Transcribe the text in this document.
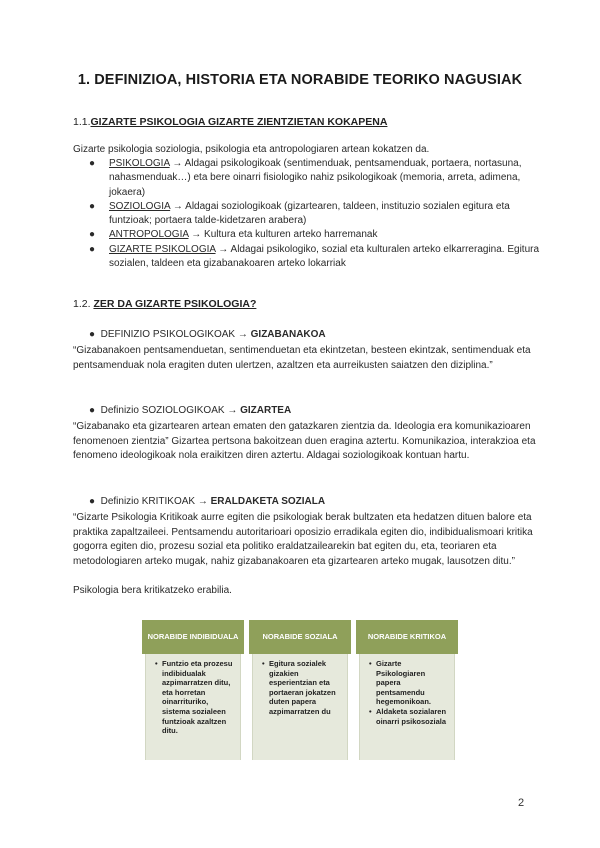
1. DEFINIZIOA, HISTORIA ETA NORABIDE TEORIKO NAGUSIAK
1.1.GIZARTE PSIKOLOGIA GIZARTE ZIENTZIETAN KOKAPENA
Gizarte psikologia soziologia, psikologia eta antropologiaren artean kokatzen da.
● PSIKOLOGIA → Aldagai psikologikoak (sentimenduak, pentsamenduak, portaera, nortasuna, nahasmenduak…) eta bere oinarri fisiologiko nahiz psikologikoak (memoria, arreta, adimena, jokaera)
● SOZIOLOGIA → Aldagai soziologikoak (gizartearen, taldeen, instituzio sozialen egitura eta funtzioak; portaera talde-kidetzaren arabera)
● ANTROPOLOGIA → Kultura eta kulturen arteko harremanak
● GIZARTE PSIKOLOGIA → Aldagai psikologiko, sozial eta kulturalen arteko elkarreragina. Egitura sozialen, taldeen eta gizabanakoaren arteko lokarriak
1.2. ZER DA GIZARTE PSIKOLOGIA?
● DEFINIZIO PSIKOLOGIKOAK → GIZABANAKOA
“Gizabanakoen pentsamenduetan, sentimenduetan eta ekintzetan, besteen ekintzak, sentimenduak eta pentsamenduak nola eragiten duten ulertzen, azaltzen eta aurreikusten saiatzen den diziplina.”
● Definizio SOZIOLOGIKOAK → GIZARTEA
“Gizabanako eta gizartearen artean ematen den gatazkaren zientzia da. Ideologia era komunikazioaren fenomenoen zientzia” Gizartea pertsona bakoitzean duen eragina aztertu. Komunikazioa, interakzioa eta fenomeno ideologikoak nola eraikitzen diren aztertu. Aldagai soziologikoak kontuan hartu.
● Definizio KRITIKOAK → ERALDAKETA SOZIALA
“Gizarte Psikologia Kritikoak aurre egiten die psikologiak berak bultzaten eta hedatzen dituen balore eta praktika zapaltzaileei. Pentsamendu autoritarioari oposizio erradikala egiten dio, indibidualismoari kritika gogorra egiten dio, prozesu sozial eta politiko eraldatzailearekin bat egiten du, eta, teoriaren eta metodologiaren arteko mugak, nahiz gizabanakoaren eta gizartearen arteko mugak, lausotzen ditu.”
Psikologia bera kritikatzeko erabilia.
• Funtzio eta prozesu indibidualak azpimarratzen ditu, eta horretan oinarrituriko, sistema sozialeen funtzioak azaltzen ditu.
NORABIDE INDIBIDUALA
• Egitura sozialek gizakien esperientzian eta portaeran jokatzen duten papera azpimarratzen du
NORABIDE SOZIALA
• Gizarte Psikologiaren papera pentsamendu hegemonikoan.
• Aldaketa sozialaren oinarri psikosoziala
NORABIDE KRITIKOA
2
